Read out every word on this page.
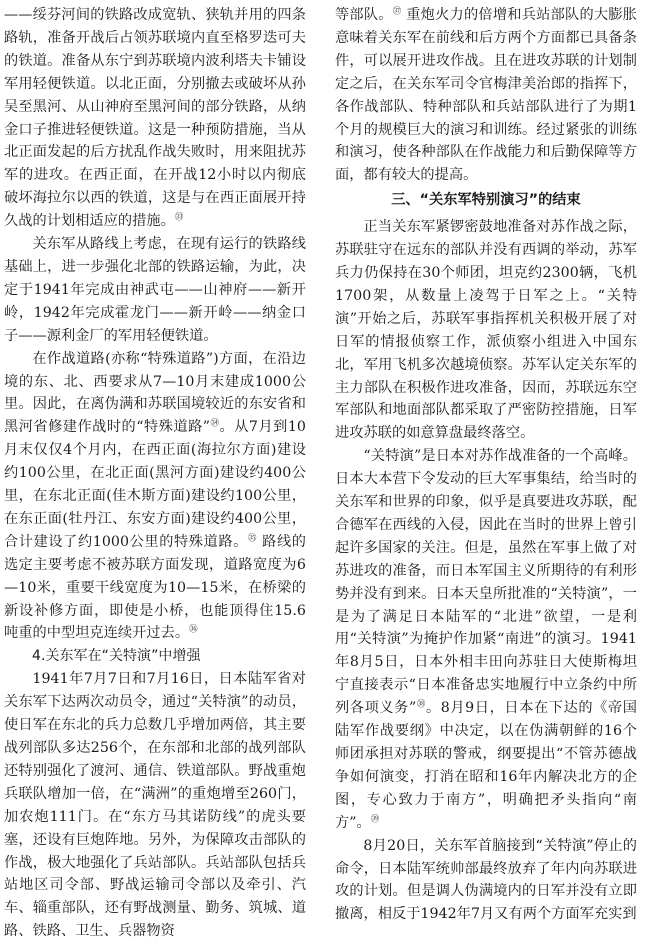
——绥芬河间的铁路改成宽轨、狭轨并用的四条路轨，准备开战后占领苏联境内直至格罗迭可夫的铁道。准备从东宁到苏联境内波利塔夫卡铺设军用轻便铁道。以北正面，分别撤去或破坏从孙吴至黑河、从山神府至黑河间的部分铁路，从纳金口子推进轻便铁道。这是一种预防措施，当从北正面发起的后方扰乱作战失败时，用来阻扰苏军的进攻。在西正面，在开战12小时以内彻底破坏海拉尔以西的铁道，这是与在西正面展开持久战的计划相适应的措施。$^㉝$

关东军从路线上考虑，在现有运行的铁路线基础上，进一步强化北部的铁路运输，为此，决定于1941年完成由神武屯——山神府——新开岭，1942年完成霍龙门——新开岭——纳金口子——源利金厂的军用轻便铁道。

在作战道路(亦称“特殊道路”)方面，在沿边境的东、北、西要求从7—10月末建成1000公里。因此，在离伪满和苏联国境较近的东安省和黑河省修建作战时的“特殊道路”$^㉞$。从7月到10月末仅仅4个月内，在西正面(海拉尔方面)建设约100公里，在北正面(黑河方面)建设约400公里，在东北正面(佳木斯方面)建设约100公里，在东正面(牡丹江、东安方面)建设约400公里，合计建设了约1000公里的特殊道路。$^㉟$ 路线的选定主要考虑不被苏联方面发现，道路宽度为6—10米，重要干线宽度为10—15米，在桥梁的新设补修方面，即使是小桥，也能顶得住15.6吨重的中型坦克连续开过去。$^㊱$

4.关东军在“关特演”中增强

1941年7月7日和7月16日，日本陆军省对关东军下达两次动员令，通过“关特演”的动员，使日军在东北的兵力总数几乎增加两倍，其主要战列部队多达256个，在东部和北部的战列部队还特别强化了渡河、通信、铁道部队。野战重炮兵联队增加一倍，在“满洲”的重炮增至260门，加农炮111门。在“东方马其诺防线”的虎头要塞，还设有巨炮阵地。另外，为保障攻击部队的作战，极大地强化了兵站部队。兵站部队包括兵站地区司令部、野战运输司令部以及牵引、汽车、辎重部队，还有野战测量、勤务、筑城、道路、铁路、卫生、兵器物资

等部队。$^㊲$ 重炮火力的倍增和兵站部队的大膨胀意味着关东军在前线和后方两个方面都已具备条件，可以展开进攻作战。且在进攻苏联的计划制定之后，在关东军司令官梅津美治郎的指挥下，各作战部队、特种部队和兵站部队进行了为期1个月的规模巨大的演习和训练。经过紧张的训练和演习，使各种部队在作战能力和后勤保障等方面，都有较大的提高。

三、“关东军特别演习”的结束

正当关东军紧锣密鼓地准备对苏作战之际，苏联驻守在远东的部队并没有西调的举动，苏军兵力仍保持在30个师团，坦克约2300辆，飞机1700架，从数量上凌驾于日军之上。“关特演”开始之后，苏联军事指挥机关积极开展了对日军的情报侦察工作，派侦察小组进入中国东北，军用飞机多次越境侦察。苏军认定关东军的主力部队在积极作进攻准备，因而，苏联远东空军部队和地面部队都采取了严密防控措施，日军进攻苏联的如意算盘最终落空。

“关特演”是日本对苏作战准备的一个高峰。日本大本营下令发动的巨大军事集结，给当时的关东军和世界的印象，似乎是真要进攻苏联，配合德军在西线的入侵，因此在当时的世界上曾引起许多国家的关注。但是，虽然在军事上做了对苏进攻的准备，而日本军国主义所期待的有利形势并没有到来。日本天皇所批准的“关特演”，一是为了满足日本陆军的“北进”欲望，一是利用“关特演”为掩护作加紧“南进”的演习。1941年8月5日，日本外相丰田向苏驻日大使斯梅坦宁直接表示“日本准备忠实地履行中立条约中所列各项义务”$^㊳$。8月9日，日本在下达的《帝国陆军作战要纲》中决定，以在伪满朝鲜的16个师团承担对苏联的警戒，纲要提出“不管苏德战争如何演变，打消在昭和16年内解决北方的企图，专心致力于南方”，明确把矛头指向“南方”。$^㊴$

8月20日，关东军首脑接到“关特演”停止的命令，日本陆军统帅部最终放弃了年内向苏联进攻的计划。但是调人伪满境内的日军并没有立即撤离，相反于1942年7月又有两个方面军充实到
